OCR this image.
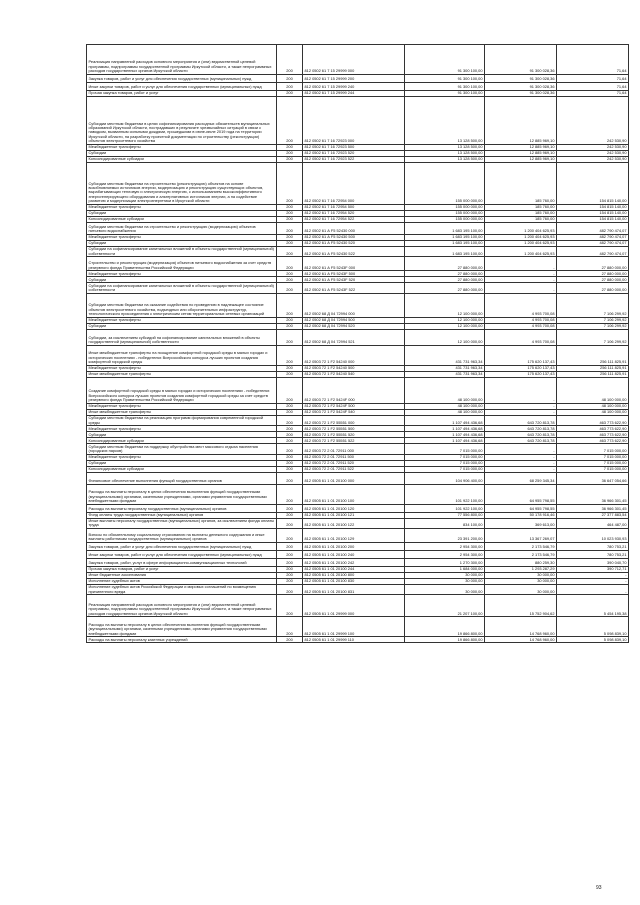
Реализация направлений расходов основного мероприятия и (или) ведомственной целевой программы, подпрограммы государственной программы Иркутской области, а также непрограммных расходов государственных органов Иркутской области	200	812 0502 61 7 15 29999 000	91 300 100,00	91 300 028,36	71,64
Закупка товаров, работ и услуг для обеспечения государственных (муниципальных) нужд	200	812 0502 61 7 15 29999 200	91 300 100,00	91 300 028,36	71,64
Иные закупки товаров, работ и услуг для обеспечения государственных (муниципальных) нужд	200	812 0502 61 7 15 29999 240	91 300 100,00	91 300 028,36	71,64
Прочая закупка товаров, работ и услуг	200	812 0502 61 7 15 29999 244	91 300 100,00	91 300 028,36	71,64
Субсидии местным бюджетам в целях софинансирования расходных обязательств муниципальных образований Иркутской области, пострадавших в результате чрезвычайных ситуаций в связи с паводком, вызванным сильными дождями, прошедшими в июне-июле 2019 года на территории Иркутской области, на разработку проектной документации по строительству (реконструкции) объектов электросетевого хозяйства	200	812 0502 61 7 16 72923 000	13 128 500,00	12 885 969,10	242 530,90
Межбюджетные трансферты	200	812 0502 61 7 16 72923 500	13 128 500,00	12 885 969,10	242 530,90
Субсидии	200	812 0502 61 7 16 72923 520	13 128 500,00	12 885 969,10	242 530,90
Консолидированные субсидии	200	812 0502 61 7 16 72923 522	13 128 500,00	12 885 969,10	242 530,90
Субсидии местным бюджетам на строительство (реконструкцию) объектов на основе возобновляемых источников энергии, модернизацию и реконструкцию существующих объектов, вырабатывающих тепловую и электрическую энергию, с использованием высокоэффективного энергогенерирующего оборудования и альтернативных источников энергии, а на содействие развитию и модернизации электроэнергетики в Иркутской области	200	812 0502 61 7 16 72954 000	155 000 000,00	185 760,00	154 815 140,00
Межбюджетные трансферты	200	812 0502 61 7 16 72954 500	155 000 000,00	185 760,00	154 815 140,00
Субсидии	200	812 0502 61 7 16 72954 520	155 000 000,00	185 760,00	154 815 140,00
Консолидированные субсидии	200	812 0502 61 7 16 72954 522	155 000 000,00	185 760,00	154 815 140,00
Субсидии местным бюджетам на строительство и реконструкцию (модернизацию) объектов питьевого водоснабжения	200	812 0502 61 А F5 52430 000	1 683 195 100,00	1 200 404 625,93	482 790 474,07
Межбюджетные трансферты	200	812 0502 61 А F5 52430 500	1 683 195 100,00	1 200 404 625,93	482 790 474,07
Субсидии	200	812 0502 61 А F5 52430 520	1 683 195 100,00	1 200 404 625,93	482 790 474,07
Субсидии на софинансирование капитальных вложений в объекты государственной (муниципальной) собственности	200	812 0502 61 А F5 52430 522	1 683 195 100,00	1 200 404 625,93	482 790 474,07
Строительство и реконструкция (модернизация) объектов питьевого водоснабжения за счет средств резервного фонда Правительства Российской Федерации	200	812 0502 61 А F5 5243F 000	27 880 000,00	-	27 880 000,00
Межбюджетные трансферты	200	812 0502 61 А F5 5243F 500	27 880 000,00	-	27 880 000,00
Субсидии	200	812 0502 61 А F5 5243F 520	27 880 000,00	-	27 880 000,00
Субсидии на софинансирование капитальных вложений в объекты государственной (муниципальной) собственности	200	812 0502 61 А F5 5243F 522	27 880 000,00	-	27 880 000,00
Субсидии местным бюджетам на оказание содействия по проведению в надлежащее состояние объектов электросетевого хозяйства, подъездных или оборонительных инфраструктур, технологического присоединения к электрическим сетям территориальных сетевых организаций	200	812 0502 68 Д 04 72994 000	12 100 000,00	4 993 700,08	7 106 299,92
Межбюджетные трансферты	200	812 0502 68 Д 04 72994 500	12 100 000,00	4 993 700,08	7 106 299,92
Субсидии	200	812 0502 68 Д 04 72994 520	12 100 000,00	4 993 700,08	7 106 299,92
Субсидии, за исключением субсидий на софинансирование капитальных вложений в объекты государственной (муниципальной) собственности	200	812 0502 68 Д 04 72994 521	12 100 000,00	4 993 700,08	7 106 299,92
Иные межбюджетные трансферты на поощрение комфортной городской среды в малых городах и исторических поселениях - победителях Всероссийского конкурса лучших проектов создания комфортной городской среды	200	812 0503 72 1 F2 54240 000	431 731 963,34	175 620 137,43	256 111 825,91
Межбюджетные трансферты	200	812 0503 72 1 F2 54240 500	431 731 963,34	175 620 137,43	256 111 825,91
Иные межбюджетные трансферты	200	812 0503 72 1 F2 54240 540	431 731 963,34	175 620 137,43	256 111 825,91
Создание комфортной городской среды в малых городах и исторических поселениях - победителях Всероссийского конкурса лучших проектов создания комфортной городской среды за счет средств резервного фонда Правительства Российской Федерации	200	812 0503 72 1 F2 5424F 000	48 100 000,00	-	48 100 000,00
Межбюджетные трансферты	200	812 0503 72 1 F2 5424F 500	48 100 000,00	-	48 100 000,00
Иные межбюджетные трансферты	200	812 0503 72 1 F2 5424F 540	48 100 000,00	-	48 100 000,00
Субсидии местным бюджетам на реализацию программ формирования современной городской среды	200	812 0503 72 1 F2 55551 000	1 107 494 436,68	643 720 813,78	463 773 622,90
Межбюджетные трансферты	200	812 0503 72 1 F2 55551 500	1 107 494 436,68	643 720 813,78	463 773 622,90
Субсидии	200	812 0503 72 1 F2 55551 520	1 107 494 436,68	643 720 813,78	463 773 622,90
Консолидированные субсидии	200	812 0503 72 1 F2 55551 522	1 107 494 436,68	643 720 813,78	463 773 622,90
Субсидии местным бюджетам на поддержку обустройства мест массового отдыха населения (городских парков)	200	812 0503 72 2 01 72911 000	7 015 000,00	-	7 015 000,00
Межбюджетные трансферты	200	812 0503 72 2 01 72911 500	7 015 000,00	-	7 015 000,00
Субсидии	200	812 0503 72 2 01 72911 520	7 015 000,00	-	7 015 000,00
Консолидированные субсидии	200	812 0503 72 2 01 72911 522	7 015 000,00	-	7 015 000,00
Финансовое обеспечение выполнения функций государственных органов	200	812 0505 61 1 01 20100 000	104 906 400,00	68 259 345,34	36 647 054,66
Расходы на выплаты персоналу в целях обеспечения выполнения функций государственными (муниципальными) органами, казенными учреждениями, органами управления государственными внебюджетными фондами	200	812 0505 61 1 01 20100 100	101 922 100,00	64 955 798,55	36 966 301,45
Расходы на выплаты персоналу государственных (муниципальных) органов	200	812 0505 61 1 01 20100 120	101 922 100,00	64 955 798,55	36 966 301,45
Фонд оплаты труда государственных (муниципальных) органов	200	812 0505 61 1 01 20100 121	77 556 800,00	50 178 916,46	27 377 883,54
Иные выплаты персоналу государственных (муниципальных) органов, за исключением фонда оплаты труда	200	812 0505 61 1 01 20100 122	834 100,00	369 613,00	464 487,00
Взносы по обязательному социальному страхованию на выплаты денежного содержания и иные выплаты работникам государственных (муниципальных) органов	200	812 0505 61 1 01 20100 129	23 391 200,00	13 367 269,07	10 023 930,93
Закупка товаров, работ и услуг для обеспечения государственных (муниципальных) нужд	200	812 0505 61 1 01 20100 200	2 954 300,00	2 173 546,79	780 753,21
Иные закупки товаров, работ и услуг для обеспечения государственных (муниципальных) нужд	200	812 0505 61 1 01 20100 240	2 954 300,00	2 173 546,79	780 753,21
Закупка товаров, работ, услуг в сфере информационно-коммуникационных технологий	200	812 0505 61 1 01 20100 242	1 270 300,00	880 259,30	390 040,70
Прочая закупка товаров, работ и услуг	200	812 0505 61 1 01 20100 244	1 684 000,00	1 293 287,29	390 712,71
Иные бюджетные ассигнования	200	812 0505 61 1 01 20100 800	30 000,00	30 000,00	-
Исполнение судебных актов	200	812 0505 61 1 01 20100 830	30 000,00	30 000,00	-
Исполнение судебных актов Российской Федерации и мировых соглашений по возмещению причиненного вреда	200	812 0505 61 1 01 20100 831	30 000,00	30 000,00	-
Реализация направлений расходов основного мероприятия и (или) ведомственной целевой программы, подпрограммы государственной программы Иркутской области, а также непрограммных расходов государственных органов Иркутской области	200	812 0505 61 1 01 29999 000	21 207 100,00	15 752 904,62	5 454 195,38
Расходы на выплаты персоналу в целях обеспечения выполнения функций государственными (муниципальными) органами, казенными учреждениями, органами управления государственными внебюджетными фондами	200	812 0505 61 1 01 29999 100	19 866 800,00	14 768 960,00	5 098 839,10
Расходы на выплаты персоналу казенных учреждений	200	812 0505 61 1 01 29999 110	19 866 800,00	14 768 960,00	5 098 839,10
93
